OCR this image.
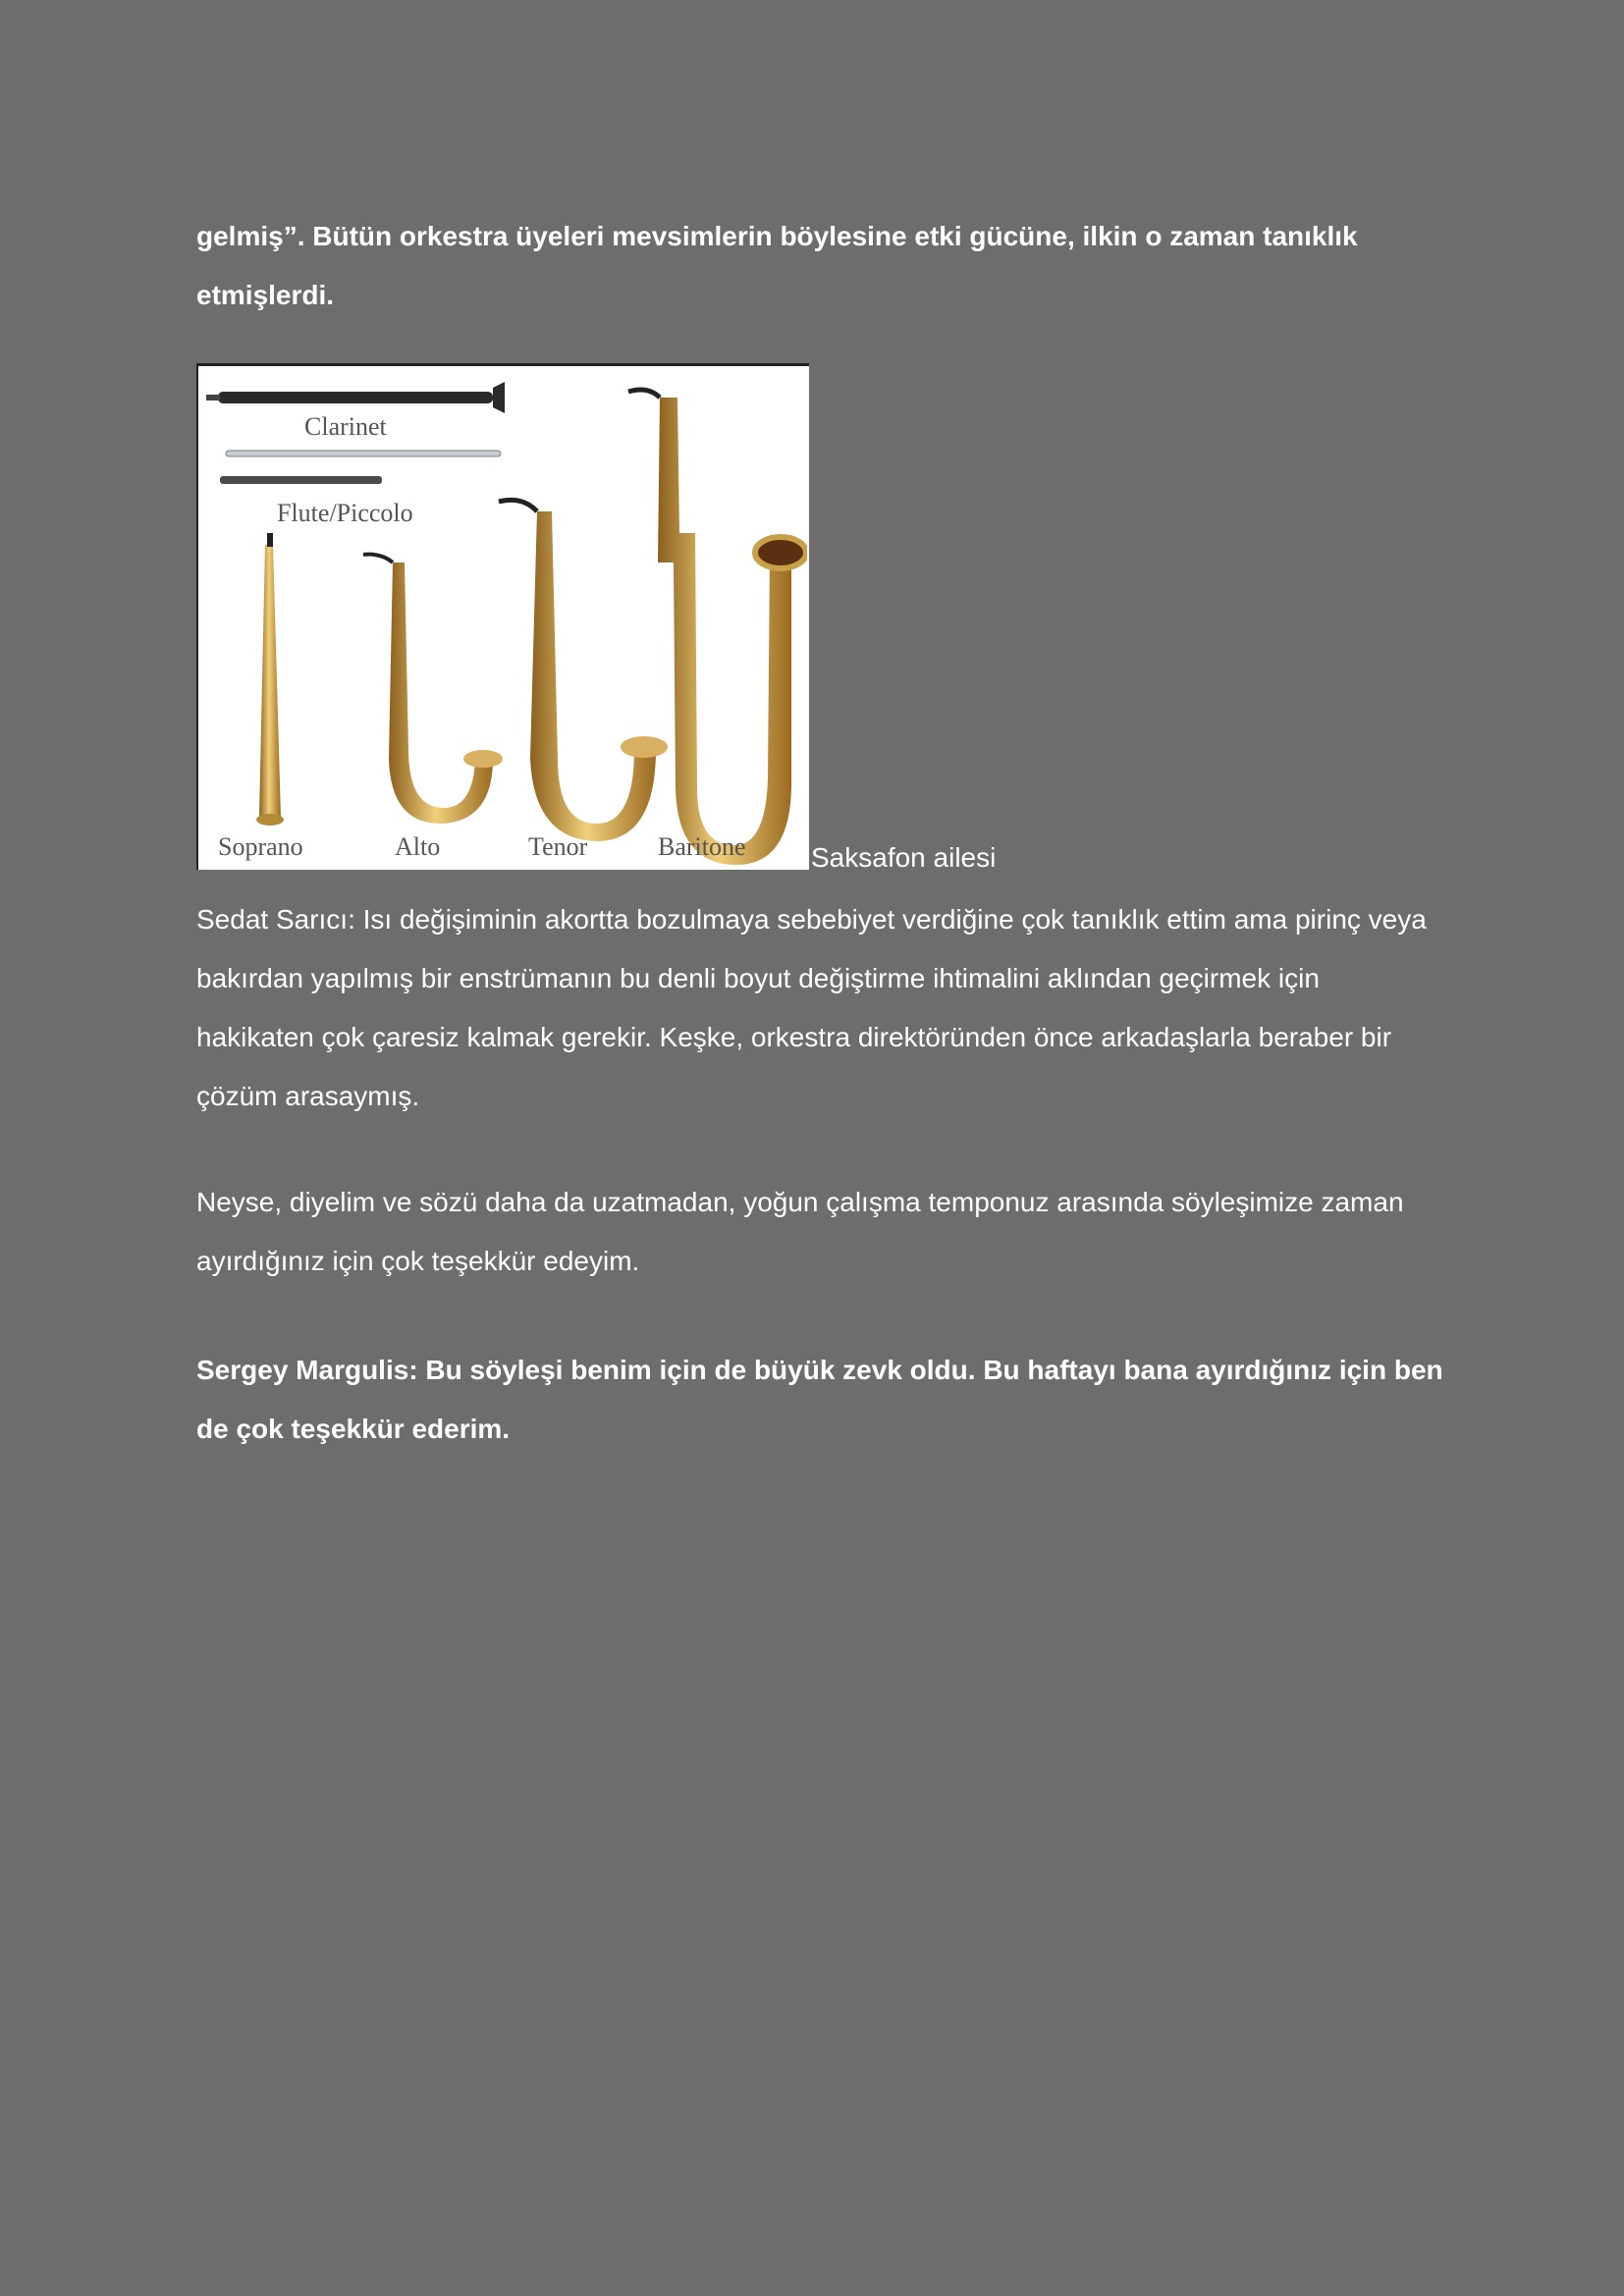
gelmiş”. Bütün orkestra üyeleri mevsimlerin böylesine etki gücüne, ilkin o zaman tanıklık etmişlerdi.

Clarinet
Flute/Piccolo
Soprano	Alto	Tenor	Baritone Saksafon ailesi

Sedat Sarıcı: Isı değişiminin akortta bozulmaya sebebiyet verdiğine çok tanıklık ettim ama pirinç veya bakırdan yapılmış bir enstrümanın bu denli boyut değiştirme ihtimalini aklından geçirmek için hakikaten çok çaresiz kalmak gerekir. Keşke, orkestra direktöründen önce arkadaşlarla beraber bir çözüm arasaymış.

Neyse, diyelim ve sözü daha da uzatmadan, yoğun çalışma temponuz arasında söyleşimize zaman ayırdığınız için çok teşekkür edeyim.

Sergey Margulis: Bu söyleşi benim için de büyük zevk oldu. Bu haftayı bana ayırdığınız için ben de çok teşekkür ederim.
